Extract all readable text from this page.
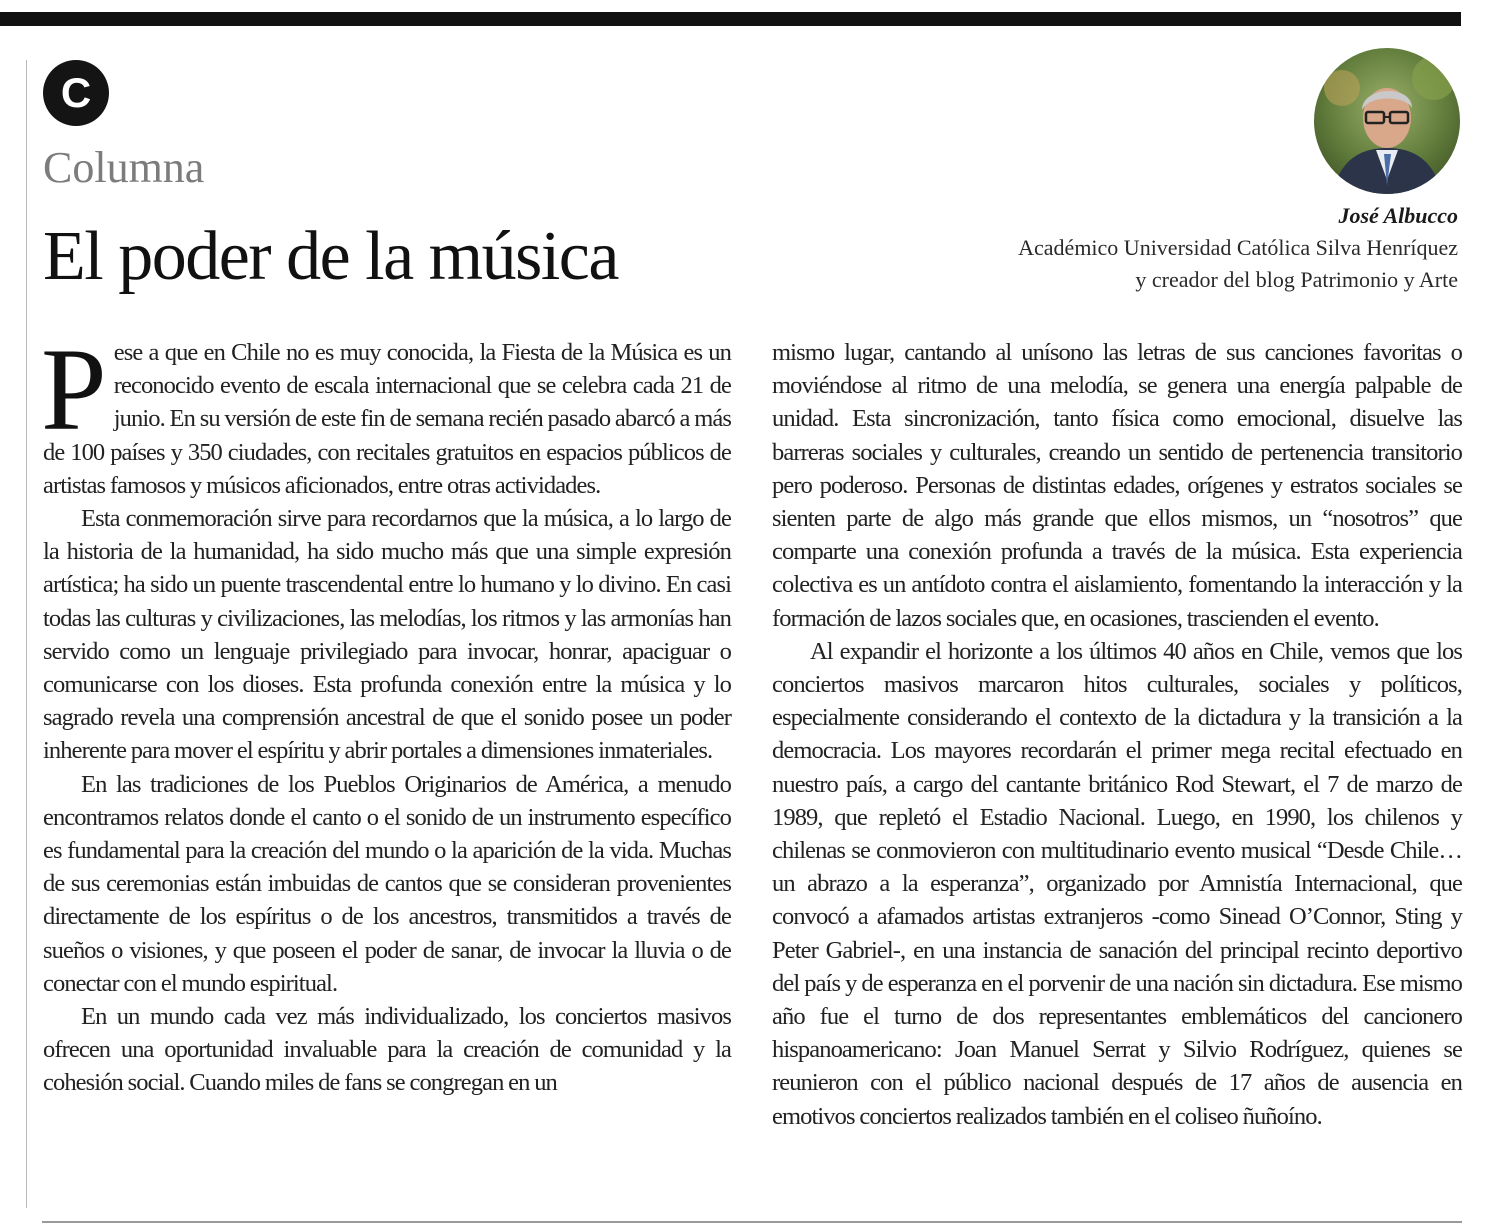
C
Columna
El poder de la música
José Albucco
Académico Universidad Católica Silva Henríquez
y creador del blog Patrimonio y Arte

Pese a que en Chile no es muy conocida, la Fiesta de la Música es un reconocido evento de escala internacional que se celebra cada 21 de junio. En su versión de este fin de semana recién pasado abarcó a más de 100 países y 350 ciudades, con recitales gratuitos en espacios públicos de artistas famosos y músicos aficionados, entre otras actividades.

Esta conmemoración sirve para recordarnos que la música, a lo largo de la historia de la humanidad, ha sido mucho más que una simple expresión artística; ha sido un puente trascendental entre lo humano y lo divino. En casi todas las culturas y civilizaciones, las melodías, los ritmos y las armonías han servido como un lenguaje privilegiado para invocar, honrar, apaciguar o comunicarse con los dioses. Esta profunda conexión entre la música y lo sagrado revela una comprensión ancestral de que el sonido posee un poder inherente para mover el espíritu y abrir portales a dimensiones inmateriales.

En las tradiciones de los Pueblos Originarios de América, a menudo encontramos relatos donde el canto o el sonido de un instrumento específico es fundamental para la creación del mundo o la aparición de la vida. Muchas de sus ceremonias están imbuidas de cantos que se consideran provenientes directamente de los espíritus o de los ancestros, transmitidos a través de sueños o visiones, y que poseen el poder de sanar, de invocar la lluvia o de conectar con el mundo espiritual.

En un mundo cada vez más individualizado, los conciertos masivos ofrecen una oportunidad invaluable para la creación de comunidad y la cohesión social. Cuando miles de fans se congregan en un

mismo lugar, cantando al unísono las letras de sus canciones favoritas o moviéndose al ritmo de una melodía, se genera una energía palpable de unidad. Esta sincronización, tanto física como emocional, disuelve las barreras sociales y culturales, creando un sentido de pertenencia transitorio pero poderoso. Personas de distintas edades, orígenes y estratos sociales se sienten parte de algo más grande que ellos mismos, un “nosotros” que comparte una conexión profunda a través de la música. Esta experiencia colectiva es un antídoto contra el aislamiento, fomentando la interacción y la formación de lazos sociales que, en ocasiones, trascienden el evento.

Al expandir el horizonte a los últimos 40 años en Chile, vemos que los conciertos masivos marcaron hitos culturales, sociales y políticos, especialmente considerando el contexto de la dictadura y la transición a la democracia. Los mayores recordarán el primer mega recital efectuado en nuestro país, a cargo del cantante británico Rod Stewart, el 7 de marzo de 1989, que repletó el Estadio Nacional. Luego, en 1990, los chilenos y chilenas se conmovieron con multitudinario evento musical “Desde Chile…un abrazo a la esperanza”, organizado por Amnistía Internacional, que convocó a afamados artistas extranjeros -como Sinead O’Connor, Sting y Peter Gabriel-, en una instancia de sanación del principal recinto deportivo del país y de esperanza en el porvenir de una nación sin dictadura. Ese mismo año fue el turno de dos representantes emblemáticos del cancionero hispanoamericano: Joan Manuel Serrat y Silvio Rodríguez, quienes se reunieron con el público nacional después de 17 años de ausencia en emotivos conciertos realizados también en el coliseo ñuñoíno.
